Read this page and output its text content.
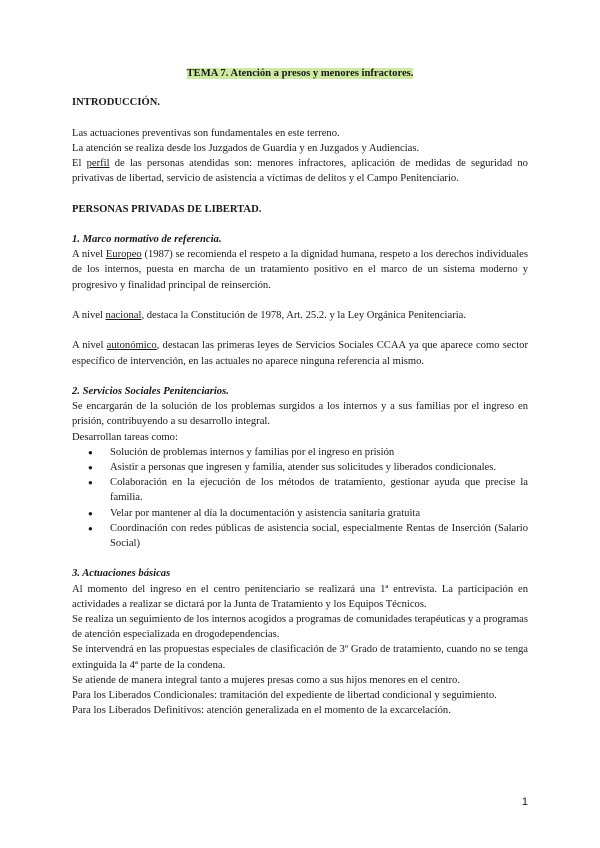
TEMA 7. Atención a presos y menores infractores.

INTRODUCCIÓN.

Las actuaciones preventivas son fundamentales en este terreno.

La atención se realiza desde los Juzgados de Guardia y en Juzgados y Audiencias.

El perfil de las personas atendidas son: menores infractores, aplicación de medidas de seguridad no privativas de libertad, servicio de asistencia a víctimas de delitos y el Campo Penitenciario.

PERSONAS PRIVADAS DE LIBERTAD.

1. Marco normativo de referencia.

A nivel Europeo (1987) se recomienda el respeto a la dignidad humana, respeto a los derechos individuales de los internos, puesta en marcha de un tratamiento positivo en el marco de un sistema moderno y progresivo y finalidad principal de reinserción.

A nivel nacional, destaca la Constitución de 1978, Art. 25.2. y la Ley Orgánica Penitenciaria.

A nivel autonómico, destacan las primeras leyes de Servicios Sociales CCAA ya que aparece como sector específico de intervención, en las actuales no aparece ninguna referencia al mismo.

2. Servicios Sociales Penitenciarios.

Se encargarán de la solución de los problemas surgidos a los internos y a sus familias por el ingreso en prisión, contribuyendo a su desarrollo integral.

Desarrollan tareas como:

● Solución de problemas internos y familias por el ingreso en prisión
● Asistir a personas que ingresen y familia, atender sus solicitudes y liberados condicionales.
● Colaboración en la ejecución de los métodos de tratamiento, gestionar ayuda que precise la familia.
● Velar por mantener al día la documentación y asistencia sanitaria gratuita
● Coordinación con redes públicas de asistencia social, especialmente Rentas de Inserción (Salario Social)

3. Actuaciones básicas

Al momento del ingreso en el centro penitenciario se realizará una 1ª entrevista. La participación en actividades a realizar se dictará por la Junta de Tratamiento y los Equipos Técnicos.

Se realiza un seguimiento de los internos acogidos a programas de comunidades terapéuticas y a programas de atención especializada en drogodependencias.

Se intervendrá en las propuestas especiales de clasificación de 3º Grado de tratamiento, cuando no se tenga extinguida la 4ª parte de la condena.

Se atiende de manera integral tanto a mujeres presas como a sus hijos menores en el centro.

Para los Liberados Condicionales: tramitación del expediente de libertad condicional y seguimiento.

Para los Liberados Definitivos: atención generalizada en el momento de la excarcelación.

1
